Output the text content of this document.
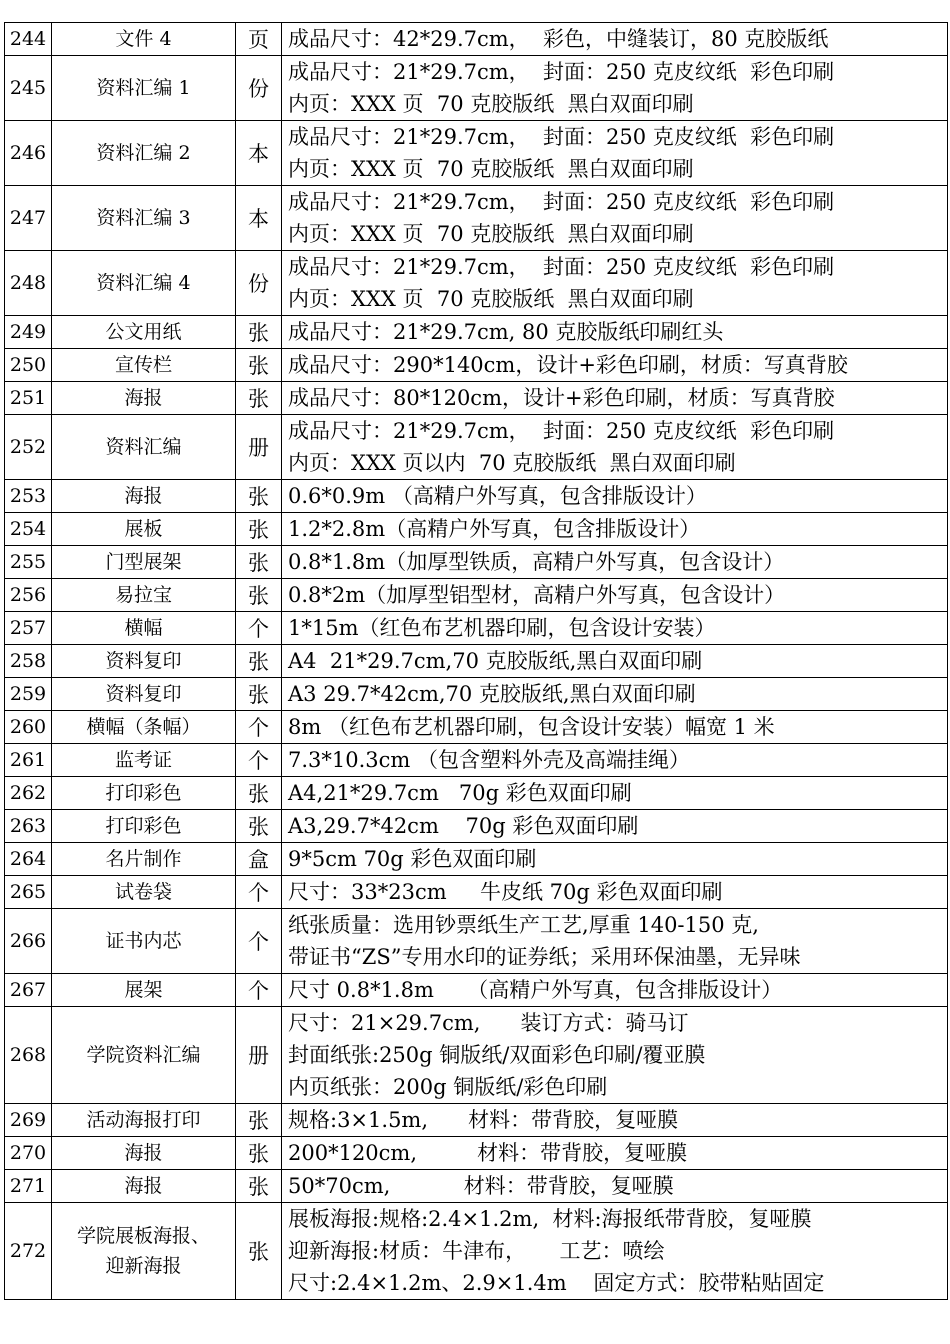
244	文件 4	页	成品尺寸：42*29.7cm，  彩色，中缝装订，80 克胶版纸

245	资料汇编 1	份	成品尺寸：21*29.7cm，  封面：250 克皮纹纸  彩色印刷
内页：XXX 页  70 克胶版纸  黑白双面印刷

246	资料汇编 2	本	成品尺寸：21*29.7cm，  封面：250 克皮纹纸  彩色印刷
内页：XXX 页  70 克胶版纸  黑白双面印刷

247	资料汇编 3	本	成品尺寸：21*29.7cm，  封面：250 克皮纹纸  彩色印刷
内页：XXX 页  70 克胶版纸  黑白双面印刷

248	资料汇编 4	份	成品尺寸：21*29.7cm，  封面：250 克皮纹纸  彩色印刷
内页：XXX 页  70 克胶版纸  黑白双面印刷

249	公文用纸	张	成品尺寸：21*29.7cm, 80 克胶版纸印刷红头

250	宣传栏	张	成品尺寸：290*140cm，设计+彩色印刷，材质：写真背胶

251	海报	张	成品尺寸：80*120cm，设计+彩色印刷，材质：写真背胶

252	资料汇编	册	成品尺寸：21*29.7cm，  封面：250 克皮纹纸  彩色印刷
内页：XXX 页以内  70 克胶版纸  黑白双面印刷

253	海报	张	0.6*0.9m （高精户外写真，包含排版设计）

254	展板	张	1.2*2.8m（高精户外写真，包含排版设计）

255	门型展架	张	0.8*1.8m（加厚型铁质，高精户外写真，包含设计）

256	易拉宝	张	0.8*2m（加厚型铝型材，高精户外写真，包含设计）

257	横幅	个	1*15m（红色布艺机器印刷，包含设计安装）

258	资料复印	张	A4  21*29.7cm,70 克胶版纸,黑白双面印刷

259	资料复印	张	A3 29.7*42cm,70 克胶版纸,黑白双面印刷

260	横幅（条幅）	个	8m （红色布艺机器印刷，包含设计安装）幅宽 1 米

261	监考证	个	7.3*10.3cm （包含塑料外壳及高端挂绳）

262	打印彩色	张	A4,21*29.7cm   70g 彩色双面印刷

263	打印彩色	张	A3,29.7*42cm    70g 彩色双面印刷

264	名片制作	盒	9*5cm 70g 彩色双面印刷

265	试卷袋	个	尺寸：33*23cm     牛皮纸 70g 彩色双面印刷

266	证书内芯	个	纸张质量：选用钞票纸生产工艺,厚重 140-150 克,
带证书“ZS”专用水印的证券纸；采用环保油墨，无异味

267	展架	个	尺寸 0.8*1.8m     （高精户外写真，包含排版设计）

268	学院资料汇编	册	尺寸：21×29.7cm,      装订方式：骑马订
封面纸张:250g 铜版纸/双面彩色印刷/覆亚膜
内页纸张：200g 铜版纸/彩色印刷

269	活动海报打印	张	规格:3×1.5m,      材料：带背胶，复哑膜

270	海报	张	200*120cm,         材料：带背胶，复哑膜

271	海报	张	50*70cm,           材料：带背胶，复哑膜

272	学院展板海报、
迎新海报	张	展板海报:规格:2.4×1.2m,  材料:海报纸带背胶，复哑膜
迎新海报:材质：牛津布，     工艺：喷绘
尺寸:2.4×1.2m、2.9×1.4m    固定方式：胶带粘贴固定
